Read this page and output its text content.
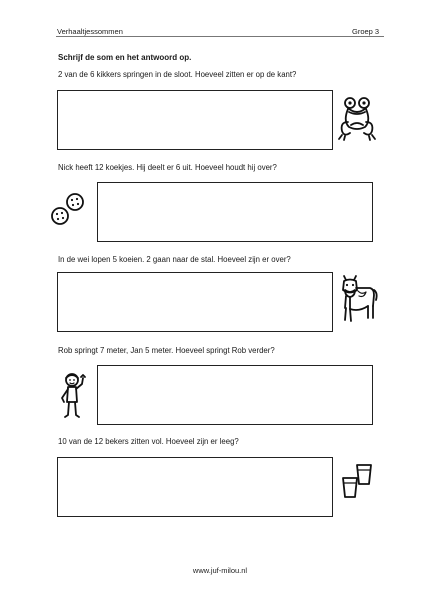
Verhaaltjessommen	Groep 3
Schrijf de som en het antwoord op.
2 van de 6 kikkers springen in de sloot. Hoeveel zitten er op de kant?
Nick heeft 12 koekjes. Hij deelt er 6 uit. Hoeveel houdt hij over?
In de wei lopen 5 koeien. 2 gaan naar de stal. Hoeveel zijn er over?
Rob springt 7 meter, Jan 5 meter. Hoeveel springt Rob verder?
10 van de 12 bekers zitten vol. Hoeveel zijn er leeg?
www.juf-milou.nl
